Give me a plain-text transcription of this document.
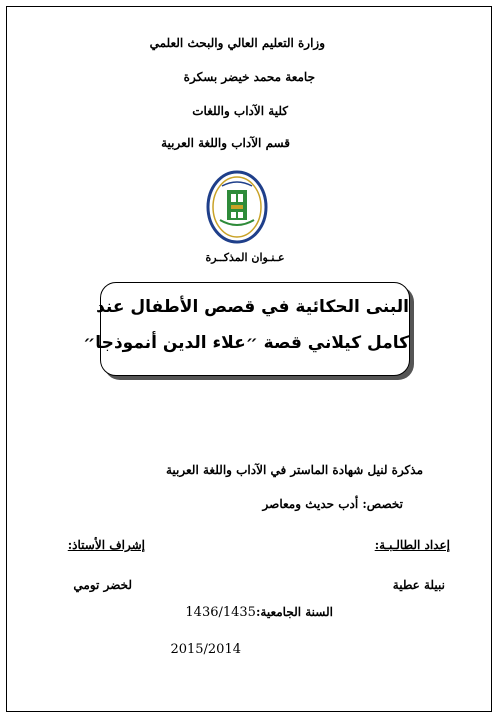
وزارة التعليم العالي والبحث العلمي
جامعة محمد خيضر بسكرة
كلية الآداب واللغات
قسم الآداب واللغة العربية
عـنـوان المذكــرة
البنى الحكائية في قصص الأطفال عند
كامل كيلاني قصة ״علاء الدين أنموذجا״
مذكرة لنيل شهادة الماستر في الآداب واللغة العربية
تخصص: أدب حديث ومعاصر
إعداد الطالـبـة:
إشراف الأستاذ:
نبيلة عطية
لخضر تومي
السنة الجامعية:1436/1435
2015/2014
